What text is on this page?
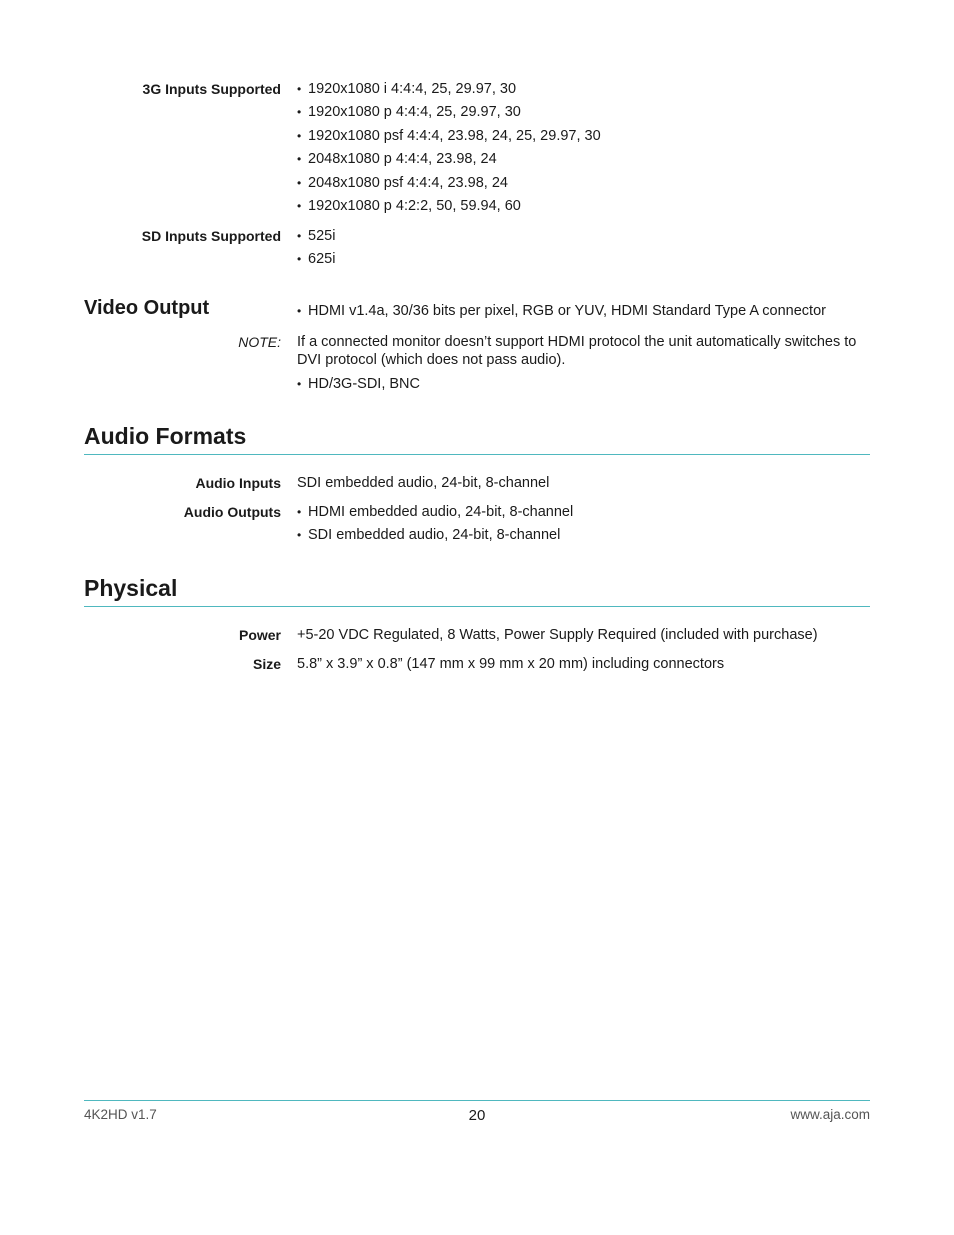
3G Inputs Supported	• 1920x1080 i 4:4:4, 25, 29.97, 30
• 1920x1080 p 4:4:4, 25, 29.97, 30
• 1920x1080 psf 4:4:4, 23.98, 24, 25, 29.97, 30
• 2048x1080 p 4:4:4, 23.98, 24
• 2048x1080 psf 4:4:4, 23.98, 24
• 1920x1080 p 4:2:2, 50, 59.94, 60
SD Inputs Supported	• 525i
• 625i
Video Output	• HDMI v1.4a, 30/36 bits per pixel, RGB or YUV, HDMI Standard Type A connector
NOTE: If a connected monitor doesn’t support HDMI protocol the unit automatically switches to DVI protocol (which does not pass audio).
• HD/3G-SDI, BNC
Audio Formats
Audio Inputs SDI embedded audio, 24-bit, 8-channel
Audio Outputs	• HDMI embedded audio, 24-bit, 8-channel
• SDI embedded audio, 24-bit, 8-channel
Physical
Power +5-20 VDC Regulated, 8 Watts, Power Supply Required (included with purchase)
Size 5.8” x 3.9” x 0.8” (147 mm x 99 mm x 20 mm) including connectors
4K2HD v1.7	20	www.aja.com
